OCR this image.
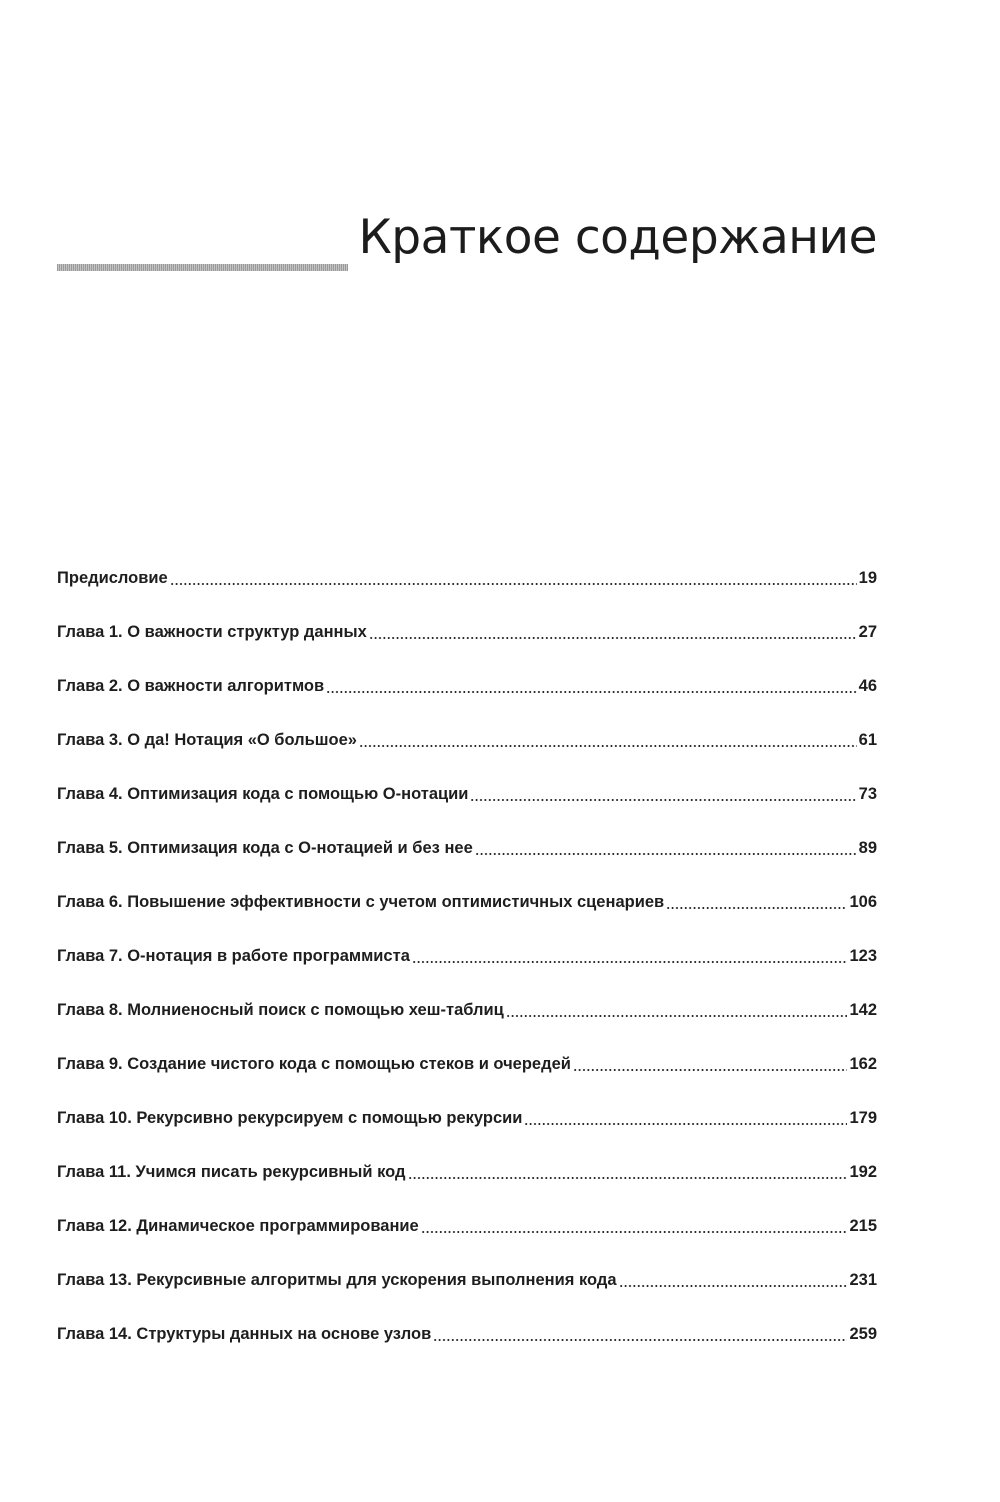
Краткое содержание
Предисловие	19
Глава 1. О важности структур данных	27
Глава 2. О важности алгоритмов	46
Глава 3. О да! Нотация «О большое»	61
Глава 4. Оптимизация кода с помощью О-нотации	73
Глава 5. Оптимизация кода с О-нотацией и без нее	89
Глава 6. Повышение эффективности с учетом оптимистичных сценариев	106
Глава 7. О-нотация в работе программиста	123
Глава 8. Молниеносный поиск с помощью хеш-таблиц	142
Глава 9. Создание чистого кода с помощью стеков и очередей	162
Глава 10. Рекурсивно рекурсируем с помощью рекурсии	179
Глава 11. Учимся писать рекурсивный код	192
Глава 12. Динамическое программирование	215
Глава 13. Рекурсивные алгоритмы для ускорения выполнения кода	231
Глава 14. Структуры данных на основе узлов	259
